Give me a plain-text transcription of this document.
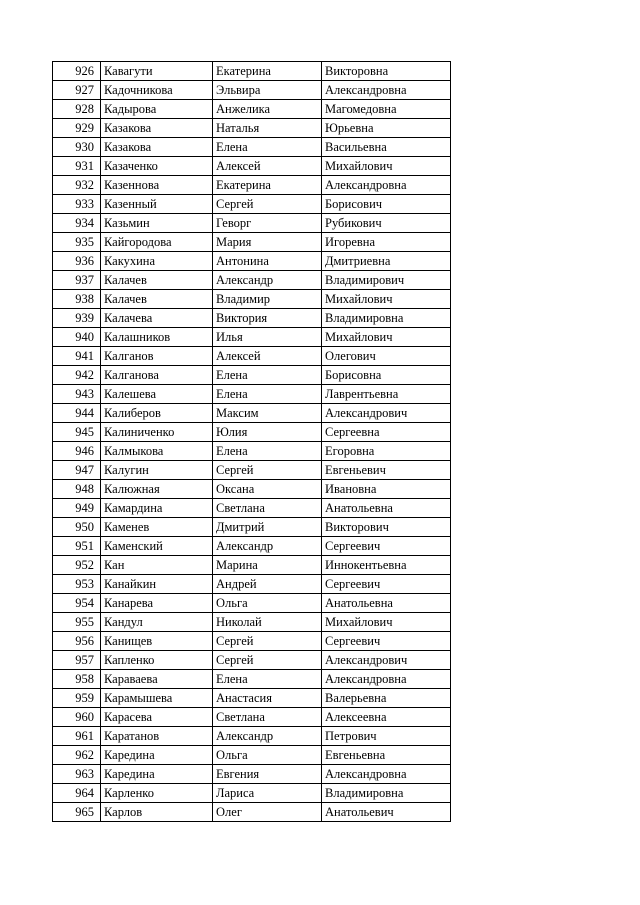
926	Кавагути	Екатерина	Викторовна
927	Кадочникова	Эльвира	Александровна
928	Кадырова	Анжелика	Магомедовна
929	Казакова	Наталья	Юрьевна
930	Казакова	Елена	Васильевна
931	Казаченко	Алексей	Михайлович
932	Казеннова	Екатерина	Александровна
933	Казенный	Сергей	Борисович
934	Казьмин	Геворг	Рубикович
935	Кайгородова	Мария	Игоревна
936	Какухина	Антонина	Дмитриевна
937	Калачев	Александр	Владимирович
938	Калачев	Владимир	Михайлович
939	Калачева	Виктория	Владимировна
940	Калашников	Илья	Михайлович
941	Калганов	Алексей	Олегович
942	Калганова	Елена	Борисовна
943	Калешева	Елена	Лаврентьевна
944	Калиберов	Максим	Александрович
945	Калиниченко	Юлия	Сергеевна
946	Калмыкова	Елена	Егоровна
947	Калугин	Сергей	Евгеньевич
948	Калюжная	Оксана	Ивановна
949	Камардина	Светлана	Анатольевна
950	Каменев	Дмитрий	Викторович
951	Каменский	Александр	Сергеевич
952	Кан	Марина	Иннокентьевна
953	Канайкин	Андрей	Сергеевич
954	Канарева	Ольга	Анатольевна
955	Кандул	Николай	Михайлович
956	Канищев	Сергей	Сергеевич
957	Капленко	Сергей	Александрович
958	Караваева	Елена	Александровна
959	Карамышева	Анастасия	Валерьевна
960	Карасева	Светлана	Алексеевна
961	Каратанов	Александр	Петрович
962	Каредина	Ольга	Евгеньевна
963	Каредина	Евгения	Александровна
964	Карленко	Лариса	Владимировна
965	Карлов	Олег	Анатольевич
